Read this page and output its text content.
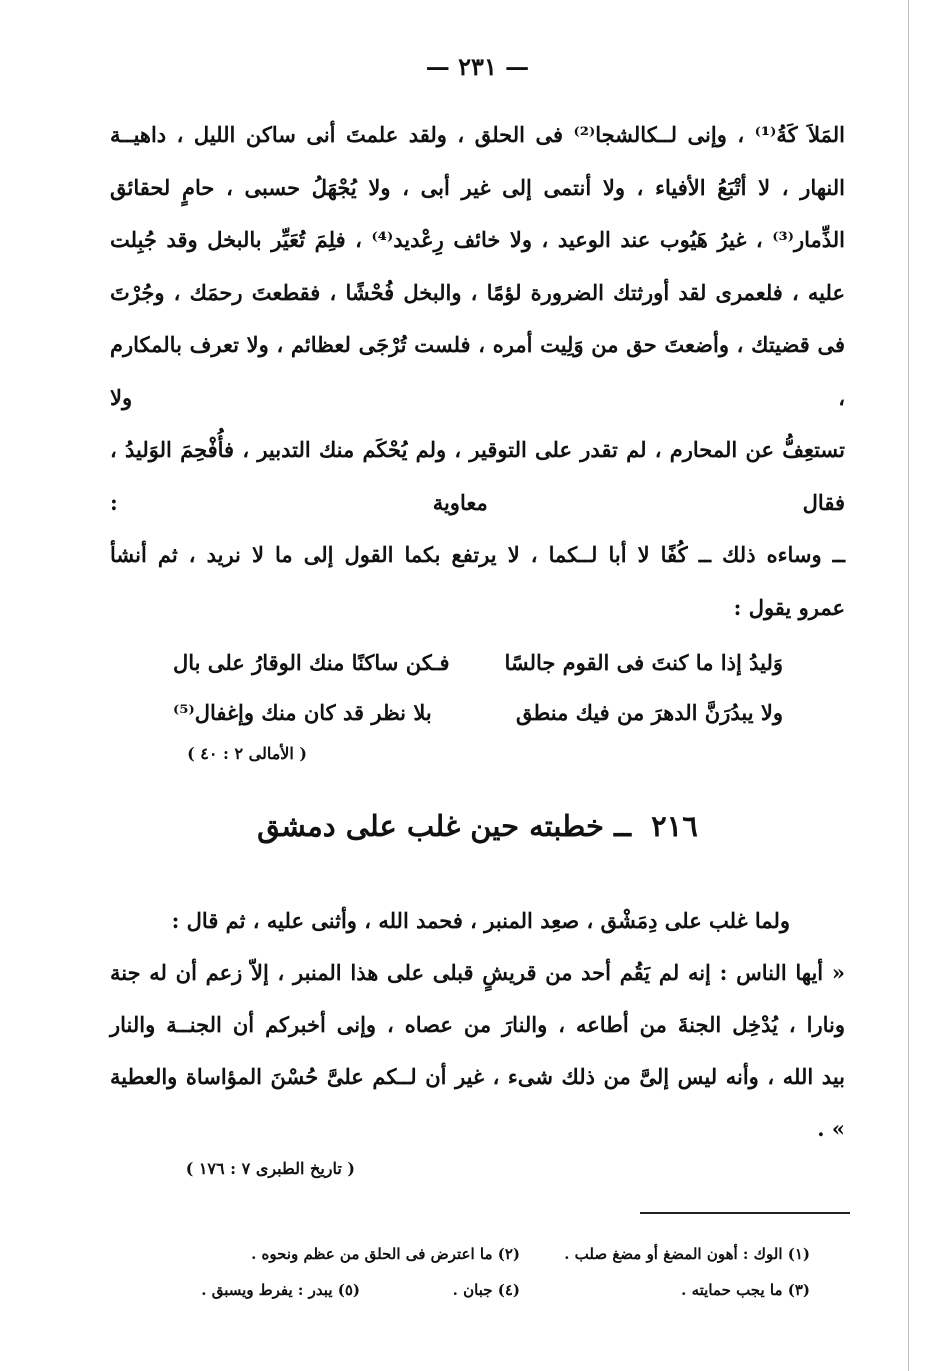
— ٢٣١ —

المَلاَ كَةُ⁽¹⁾ ، وإنى لــكالشجا⁽²⁾ فى الحلق ، ولقد علمتَ أنى ساكن الليل ، داهيــة

النهار ، لا أتْبَعُ الأفياء ، ولا أنتمى إلى غير أبى ، ولا يُجْهَلُ حسبى ، حامٍ لحقائق

الذِّمار⁽³⁾ ، غيرُ هَيُوب عند الوعيد ، ولا خائف رِعْديد⁽⁴⁾ ، فلِمَ تُعَيِّر بالبخل وقد جُبِلت

عليه ، فلعمرى لقد أورثتك الضرورة لؤمًا ، والبخل فُحْشًا ، فقطعتَ رحمَك ، وجُرْتَ

فى قضيتك ، وأضعتَ حق من وَلِيت أمره ، فلست تُرْجَى لعظائم ، ولا تعرف بالمكارم ، ولا

تستعِفُّ عن المحارم ، لم تقدر على التوقير ، ولم يُحْكَم منك التدبير ، فأُفْحِمَ الوَليدُ ، فقال معاوية :

ــ وساءه ذلك ــ كُفًا لا أبا لــكما ، لا يرتفع بكما القول إلى ما لا نريد ، ثم أنشأ

عمرو يقول :

وَليدُ إذا ما كنتَ فى القوم جالسًا
فـكن ساكنًا منك الوقارُ على بال
ولا يبدُرَنَّ الدهرَ من فيك منطق
بلا نظر قد كان منك وإغفال⁽⁵⁾
( الأمالى ٢ : ٤٠ )
٢١٦ ــ خطبته حين غلب على دمشق

ولما غلب على دِمَشْق ، صعِد المنبر ، فحمد الله ، وأثنى عليه ، ثم قال :

« أيها الناس : إنه لم يَقُم أحد من قريشٍ قبلى على هذا المنبر ، إلاّ زعم أن له جنة

ونارا ، يُدْخِل الجنةَ من أطاعه ، والنارَ من عصاه ، وإنى أخبركم أن الجنــة والنار

بيد الله ، وأنه ليس إلىَّ من ذلك شىء ، غير أن لــكم علىَّ حُسْنَ المؤاساة والعطية » .

( تاريخ الطبرى ٧ : ١٧٦ )
(١) الوك : أهون المضغ أو مضغ صلب .
(٢) ما اعترض فى الحلق من عظم ونحوه .
(٣) ما يجب حمايته .
(٤) جبان .
(٥) يبدر : يفرط ويسبق .
